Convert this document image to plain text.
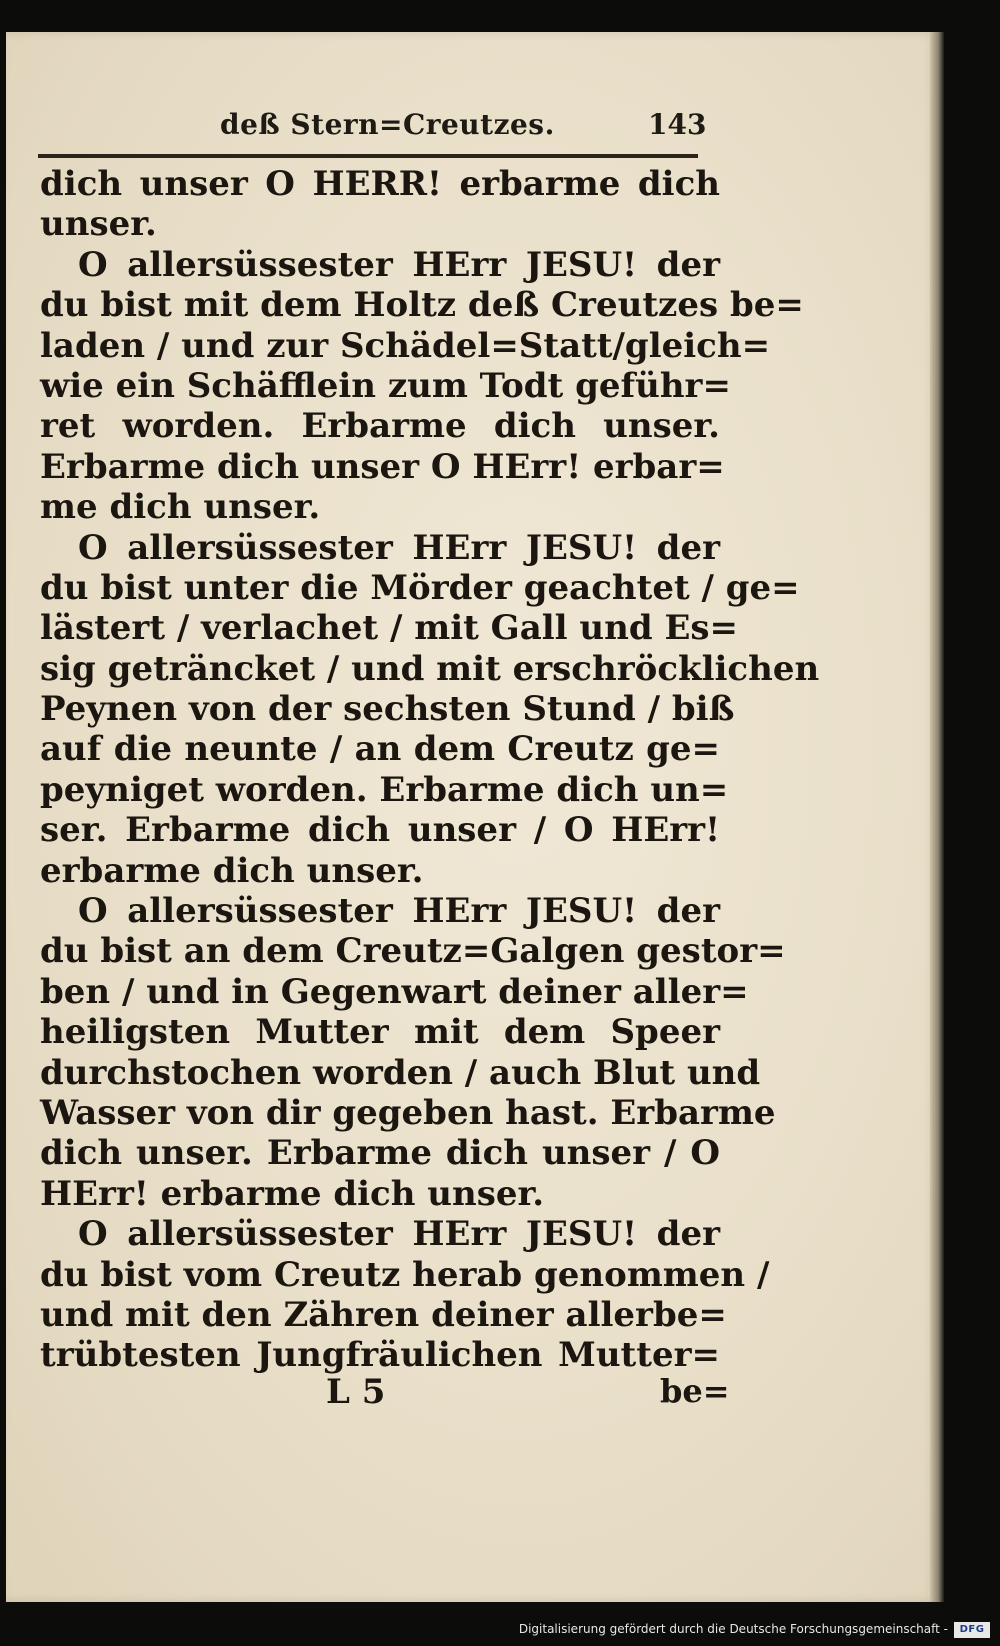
deß Stern=Creutzes.	143
dich unser O HERR! erbarme dich
unser.
O allersüssester HErr JESU! der
du bist mit dem Holtz deß Creutzes be=
laden / und zur Schädel=Statt/gleich=
wie ein Schäfflein zum Todt geführ=
ret worden. Erbarme dich unser.
Erbarme dich unser O HErr! erbar=
me dich unser.
O allersüssester HErr JESU! der
du bist unter die Mörder geachtet / ge=
lästert / verlachet / mit Gall und Es=
sig geträncket / und mit erschröcklichen
Peynen von der sechsten Stund / biß
auf die neunte / an dem Creutz ge=
peyniget worden. Erbarme dich un=
ser. Erbarme dich unser / O HErr!
erbarme dich unser.
O allersüssester HErr JESU! der
du bist an dem Creutz=Galgen gestor=
ben / und in Gegenwart deiner aller=
heiligsten Mutter mit dem Speer
durchstochen worden / auch Blut und
Wasser von dir gegeben hast. Erbarme
dich unser. Erbarme dich unser / O
HErr! erbarme dich unser.
O allersüssester HErr JESU! der
du bist vom Creutz herab genommen /
und mit den Zähren deiner allerbe=
trübtesten Jungfräulichen Mutter=
L 5	be=
Digitalisierung gefördert durch die Deutsche Forschungsgemeinschaft -	DFG
